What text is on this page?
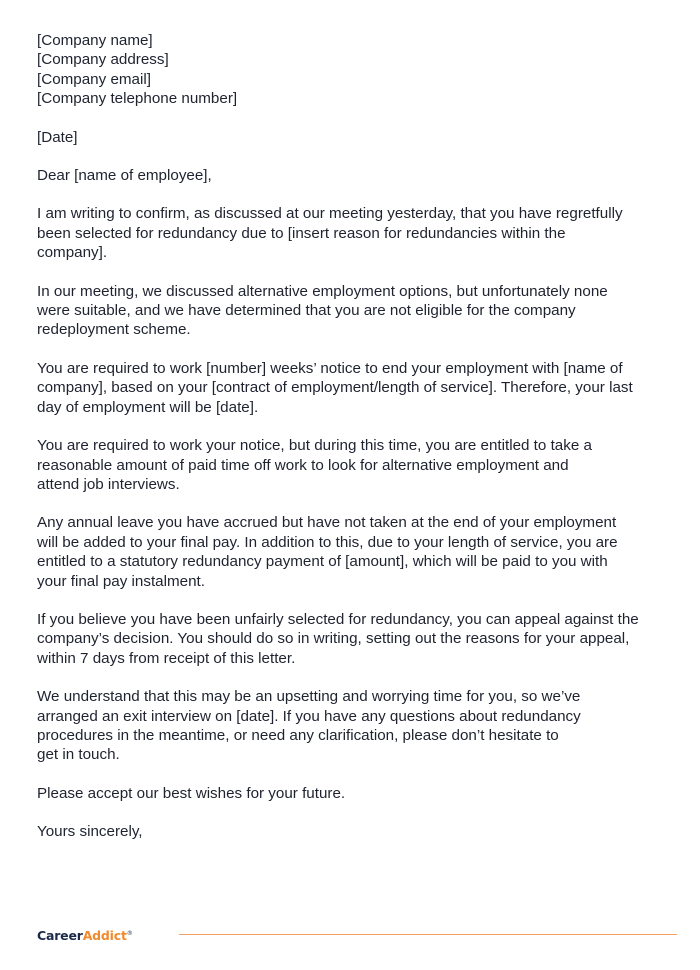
[Company name]
[Company address]
[Company email]
[Company telephone number]
[Date]
Dear [name of employee],
I am writing to confirm, as discussed at our meeting yesterday, that you have regretfully
been selected for redundancy due to [insert reason for redundancies within the
company].
In our meeting, we discussed alternative employment options, but unfortunately none
were suitable, and we have determined that you are not eligible for the company
redeployment scheme.
You are required to work [number] weeks’ notice to end your employment with [name of
company], based on your [contract of employment/length of service]. Therefore, your last
day of employment will be [date].
You are required to work your notice, but during this time, you are entitled to take a
reasonable amount of paid time off work to look for alternative employment and
attend job interviews.
Any annual leave you have accrued but have not taken at the end of your employment
will be added to your final pay. In addition to this, due to your length of service, you are
entitled to a statutory redundancy payment of [amount], which will be paid to you with
your final pay instalment.
If you believe you have been unfairly selected for redundancy, you can appeal against the
company’s decision. You should do so in writing, setting out the reasons for your appeal,
within 7 days from receipt of this letter.
We understand that this may be an upsetting and worrying time for you, so we’ve
arranged an exit interview on [date]. If you have any questions about redundancy
procedures in the meantime, or need any clarification, please don’t hesitate to
get in touch.
Please accept our best wishes for your future.
Yours sincerely,
CareerAddict®
